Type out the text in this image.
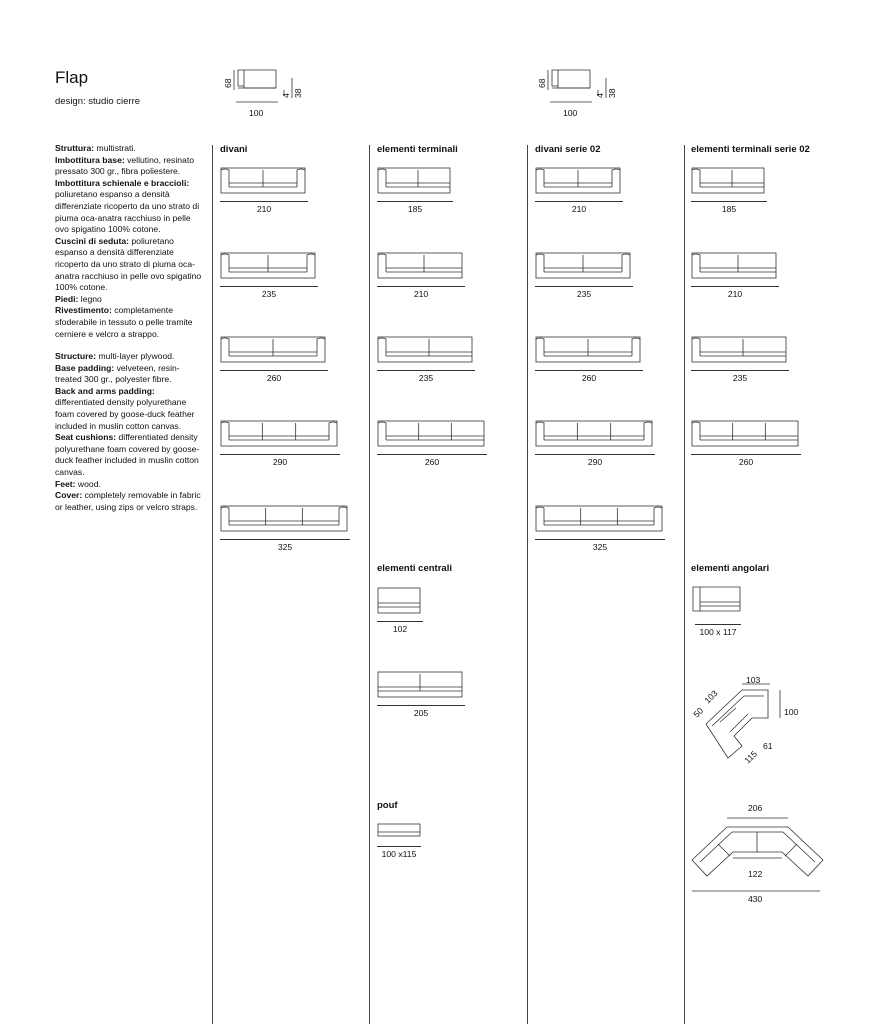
Flap
design: studio cierre
68
38
4
100
68
38
4
100

Struttura: multistrati.

Imbottitura base: vellutino, resinato pressato 300 gr., fibra poliestere.

Imbottitura schienale e braccioli: poliuretano espanso a densità differenziate ricoperto da uno strato di piuma oca-anatra racchiuso in pelle ovo spigatino 100% cotone.

Cuscini di seduta: poliuretano espanso a densità differenziate ricoperto da uno strato di piuma oca-anatra racchiuso in pelle ovo spigatino 100% cotone.

Piedi: legno

Rivestimento: completamente sfoderabile in tessuto o pelle tramite cerniere e velcro a strappo.

Structure: multi-layer plywood.

Base padding: velveteen, resin-treated 300 gr., polyester fibre.

Back and arms padding: differentiated density polyurethane foam covered by goose-duck feather included in muslin cotton canvas.

Seat cushions: differentiated density polyurethane foam covered by goose-duck feather included in muslin cotton canvas.

Feet: wood.

Cover: completely removable in fabric or leather, using zips or velcro straps.

divani	elementi terminali	divani serie 02	elementi terminali serie 02
elementi centrali
pouf
elementi angolari
210
235
260
290
325
210
235
260
290
325
185
210
235
260
185
210
235
260
102
205
100 x115
100 x 117
103
103
50	100
115
61
206
122
430
